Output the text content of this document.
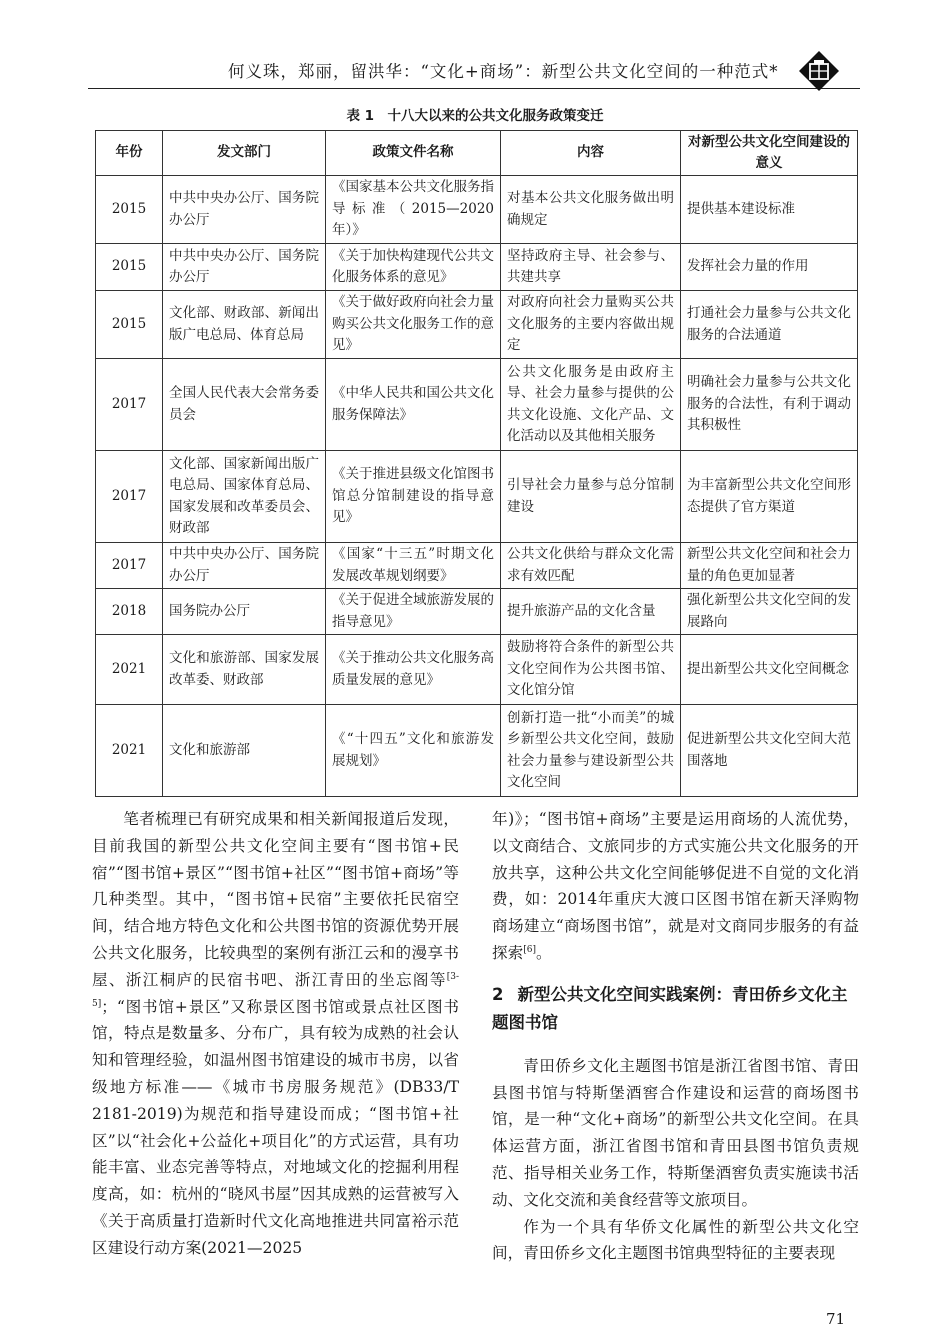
何义珠，郑丽，留洪华：“文化+商场”：新型公共文化空间的一种范式*
表 1　十八大以来的公共文化服务政策变迁
年份	发文部门	政策文件名称	内容	对新型公共文化空间建设的意义
2015	中共中央办公厅、国务院办公厅	《国家基本公共文化服务指导标准（2015—2020年）》	对基本公共文化服务做出明确规定	提供基本建设标准
2015	中共中央办公厅、国务院办公厅	《关于加快构建现代公共文化服务体系的意见》	坚持政府主导、社会参与、共建共享	发挥社会力量的作用
2015	文化部、财政部、新闻出版广电总局、体育总局	《关于做好政府向社会力量购买公共文化服务工作的意见》	对政府向社会力量购买公共文化服务的主要内容做出规定	打通社会力量参与公共文化服务的合法通道
2017	全国人民代表大会常务委员会	《中华人民共和国公共文化服务保障法》	公共文化服务是由政府主导、社会力量参与提供的公共文化设施、文化产品、文化活动以及其他相关服务	明确社会力量参与公共文化服务的合法性，有利于调动其积极性
2017	文化部、国家新闻出版广电总局、国家体育总局、国家发展和改革委员会、财政部	《关于推进县级文化馆图书馆总分馆制建设的指导意见》	引导社会力量参与总分馆制建设	为丰富新型公共文化空间形态提供了官方渠道
2017	中共中央办公厅、国务院办公厅	《国家“十三五”时期文化发展改革规划纲要》	公共文化供给与群众文化需求有效匹配	新型公共文化空间和社会力量的角色更加显著
2018	国务院办公厅	《关于促进全域旅游发展的指导意见》	提升旅游产品的文化含量	强化新型公共文化空间的发展路向
2021	文化和旅游部、国家发展改革委、财政部	《关于推动公共文化服务高质量发展的意见》	鼓励将符合条件的新型公共文化空间作为公共图书馆、文化馆分馆	提出新型公共文化空间概念
2021	文化和旅游部	《“十四五”文化和旅游发展规划》	创新打造一批“小而美”的城乡新型公共文化空间，鼓励社会力量参与建设新型公共文化空间	促进新型公共文化空间大范围落地

笔者梳理已有研究成果和相关新闻报道后发现，目前我国的新型公共文化空间主要有“图书馆+民宿”“图书馆+景区”“图书馆+社区”“图书馆+商场”等几种类型。其中，“图书馆+民宿”主要依托民宿空间，结合地方特色文化和公共图书馆的资源优势开展公共文化服务，比较典型的案例有浙江云和的漫享书屋、浙江桐庐的民宿书吧、浙江青田的坐忘阁等[3-5]；“图书馆+景区”又称景区图书馆或景点社区图书馆，特点是数量多、分布广，具有较为成熟的社会认知和管理经验，如温州图书馆建设的城市书房，以省级地方标准——《城市书房服务规范》(DB33/T 2181-2019)为规范和指导建设而成；“图书馆+社区”以“社会化+公益化+项目化”的方式运营，具有功能丰富、业态完善等特点，对地域文化的挖掘利用程度高，如：杭州的“晓风书屋”因其成熟的运营被写入《关于高质量打造新时代文化高地推进共同富裕示范区建设行动方案(2021—2025

年)》；“图书馆+商场”主要是运用商场的人流优势，以文商结合、文旅同步的方式实施公共文化服务的开放共享，这种公共文化空间能够促进不自觉的文化消费，如：2014年重庆大渡口区图书馆在新天泽购物商场建立“商场图书馆”，就是对文商同步服务的有益探索[6]。

2 新型公共文化空间实践案例：青田侨乡文化主题图书馆

青田侨乡文化主题图书馆是浙江省图书馆、青田县图书馆与特斯堡酒窖合作建设和运营的商场图书馆，是一种“文化+商场”的新型公共文化空间。在具体运营方面，浙江省图书馆和青田县图书馆负责规范、指导相关业务工作，特斯堡酒窖负责实施读书活动、文化交流和美食经营等文旅项目。

作为一个具有华侨文化属性的新型公共文化空间，青田侨乡文化主题图书馆典型特征的主要表现

71
